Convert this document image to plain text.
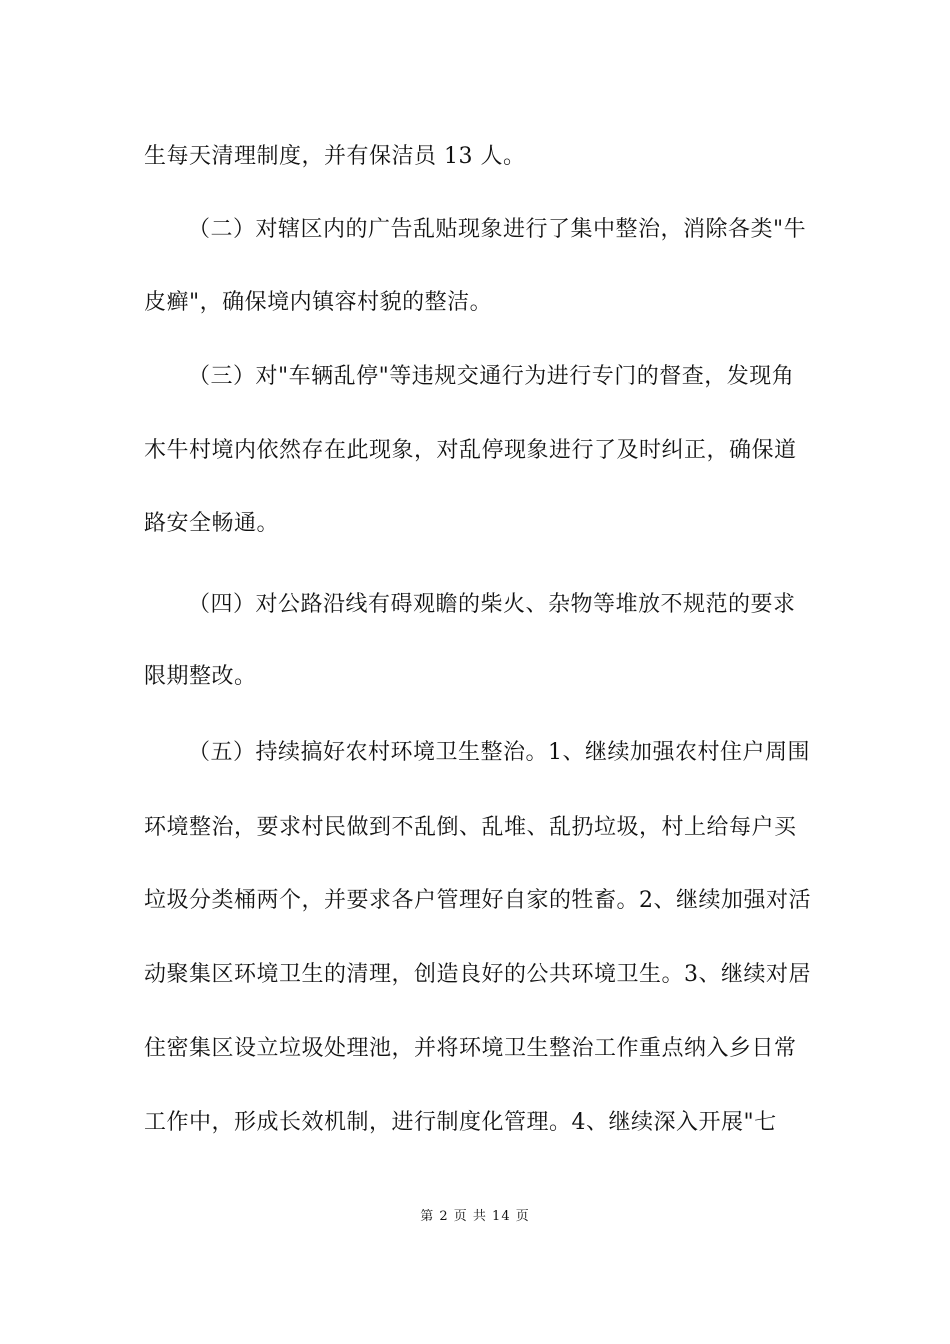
生每天清理制度，并有保洁员 13 人。
（二）对辖区内的广告乱贴现象进行了集中整治，消除各类"牛
皮癣"，确保境内镇容村貌的整洁。
（三）对"车辆乱停"等违规交通行为进行专门的督查，发现角
木牛村境内依然存在此现象，对乱停现象进行了及时纠正，确保道
路安全畅通。
（四）对公路沿线有碍观瞻的柴火、杂物等堆放不规范的要求
限期整改。
（五）持续搞好农村环境卫生整治。1、继续加强农村住户周围
环境整治，要求村民做到不乱倒、乱堆、乱扔垃圾，村上给每户买
垃圾分类桶两个，并要求各户管理好自家的牲畜。2、继续加强对活
动聚集区环境卫生的清理，创造良好的公共环境卫生。3、继续对居
住密集区设立垃圾处理池，并将环境卫生整治工作重点纳入乡日常
工作中，形成长效机制，进行制度化管理。4、继续深入开展"七
第 2 页 共 14 页
